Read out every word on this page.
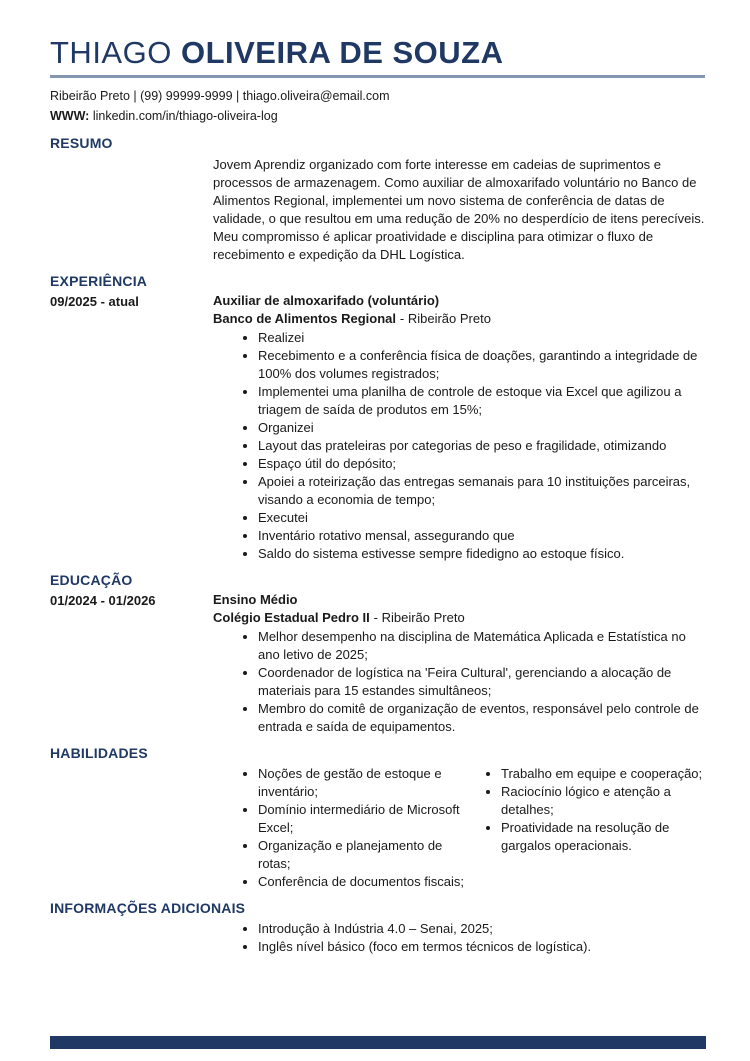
THIAGO OLIVEIRA DE SOUZA
Ribeirão Preto | (99) 99999-9999 | thiago.oliveira@email.com
WWW: linkedin.com/in/thiago-oliveira-log
RESUMO

Jovem Aprendiz organizado com forte interesse em cadeias de suprimentos e processos de armazenagem. Como auxiliar de almoxarifado voluntário no Banco de Alimentos Regional, implementei um novo sistema de conferência de datas de validade, o que resultou em uma redução de 20% no desperdício de itens perecíveis. Meu compromisso é aplicar proatividade e disciplina para otimizar o fluxo de recebimento e expedição da DHL Logística.

EXPERIÊNCIA
09/2025 - atual	Auxiliar de almoxarifado (voluntário)
Banco de Alimentos Regional - Ribeirão Preto
• Realizei
• Recebimento e a conferência física de doações, garantindo a integridade de 100% dos volumes registrados;
• Implementei uma planilha de controle de estoque via Excel que agilizou a triagem de saída de produtos em 15%;
• Organizei
• Layout das prateleiras por categorias de peso e fragilidade, otimizando
• Espaço útil do depósito;
• Apoiei a roteirização das entregas semanais para 10 instituições parceiras, visando a economia de tempo;
• Executei
• Inventário rotativo mensal, assegurando que
• Saldo do sistema estivesse sempre fidedigno ao estoque físico.
EDUCAÇÃO
01/2024 - 01/2026	Ensino Médio
Colégio Estadual Pedro II - Ribeirão Preto
• Melhor desempenho na disciplina de Matemática Aplicada e Estatística no ano letivo de 2025;
• Coordenador de logística na 'Feira Cultural', gerenciando a alocação de materiais para 15 estandes simultâneos;
• Membro do comitê de organização de eventos, responsável pelo controle de entrada e saída de equipamentos.
HABILIDADES
• Noções de gestão de estoque e inventário;
• Domínio intermediário de Microsoft Excel;
• Organização e planejamento de rotas;
• Conferência de documentos fiscais;
• Trabalho em equipe e cooperação;
• Raciocínio lógico e atenção a detalhes;
• Proatividade na resolução de gargalos operacionais.
INFORMAÇÕES ADICIONAIS
• Introdução à Indústria 4.0 – Senai, 2025;
• Inglês nível básico (foco em termos técnicos de logística).
